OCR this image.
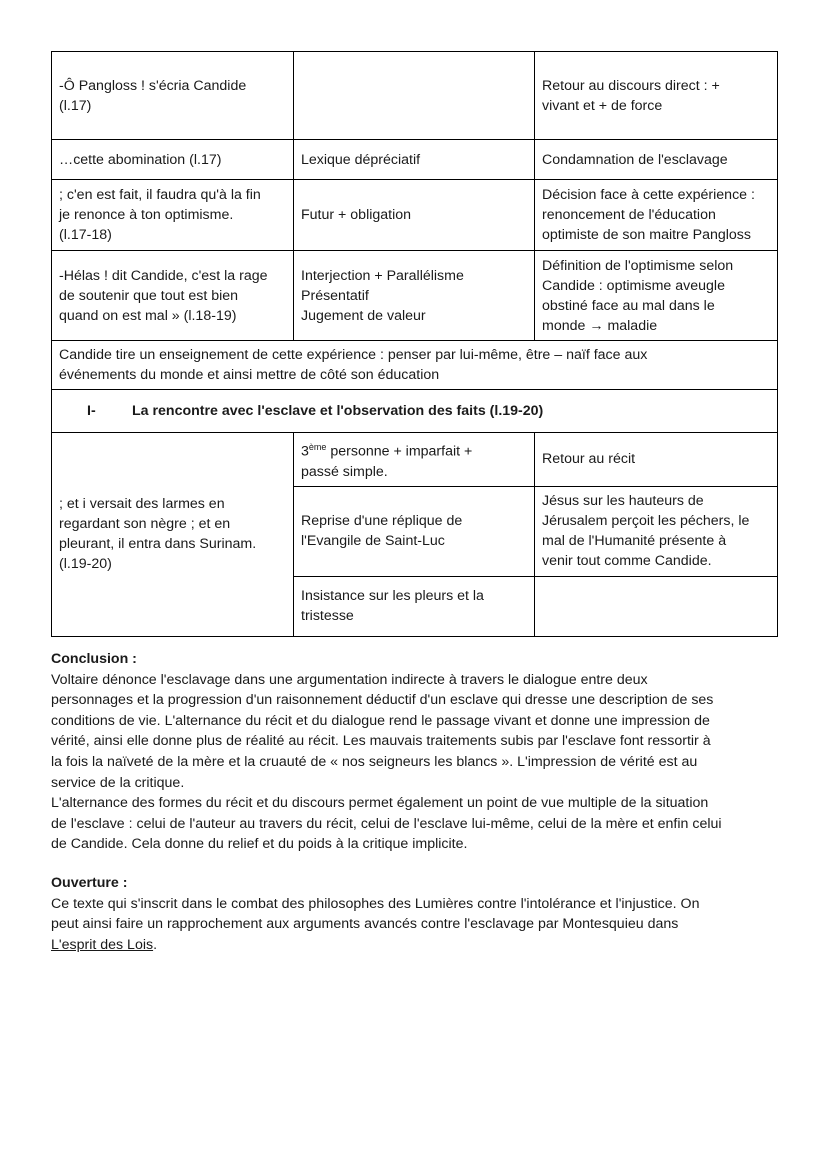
-Ô Pangloss ! s'écria Candide
(l.17)		Retour au discours direct : +
vivant et + de force

…cette abomination (l.17)	Lexique dépréciatif	Condamnation de l'esclavage

; c'en est fait, il faudra qu'à la fin
je renonce à ton optimisme.
(l.17-18)	Futur + obligation	Décision face à cette expérience :
renoncement de l'éducation
optimiste de son maitre Pangloss

-Hélas ! dit Candide, c'est la rage
de soutenir que tout est bien
quand on est mal » (l.18-19)	Interjection + Parallélisme
Présentatif
Jugement de valeur	Définition de l'optimisme selon
Candide : optimisme aveugle
obstiné face au mal dans le
monde → maladie

Candide tire un enseignement de cette expérience : penser par lui-même, être – naïf face aux
événements du monde et ainsi mettre de côté son éducation		

I- La rencontre avec l'esclave et l'observation des faits (l.19-20)		

; et i versait des larmes en
regardant son nègre ; et en
pleurant, il entra dans Surinam.
(l.19-20)	3ème personne + imparfait +
passé simple.	Retour au récit

	Reprise d'une réplique de
l'Evangile de Saint-Luc	Jésus sur les hauteurs de
Jérusalem perçoit les péchers, le
mal de l'Humanité présente à
venir tout comme Candide.

	Insistance sur les pleurs et la
tristesse	

Conclusion :

Voltaire dénonce l'esclavage dans une argumentation indirecte à travers le dialogue entre deux
personnages et la progression d'un raisonnement déductif d'un esclave qui dresse une description de ses
conditions de vie. L'alternance du récit et du dialogue rend le passage vivant et donne une impression de
vérité, ainsi elle donne plus de réalité au récit. Les mauvais traitements subis par l'esclave font ressortir à
la fois la naïveté de la mère et la cruauté de « nos seigneurs les blancs ». L'impression de vérité est au
service de la critique.
L'alternance des formes du récit et du discours permet également un point de vue multiple de la situation
de l'esclave : celui de l'auteur au travers du récit, celui de l'esclave lui-même, celui de la mère et enfin celui
de Candide. Cela donne du relief et du poids à la critique implicite.

Ouverture :

Ce texte qui s'inscrit dans le combat des philosophes des Lumières contre l'intolérance et l'injustice. On
peut ainsi faire un rapprochement aux arguments avancés contre l'esclavage par Montesquieu dans
L'esprit des Lois.
